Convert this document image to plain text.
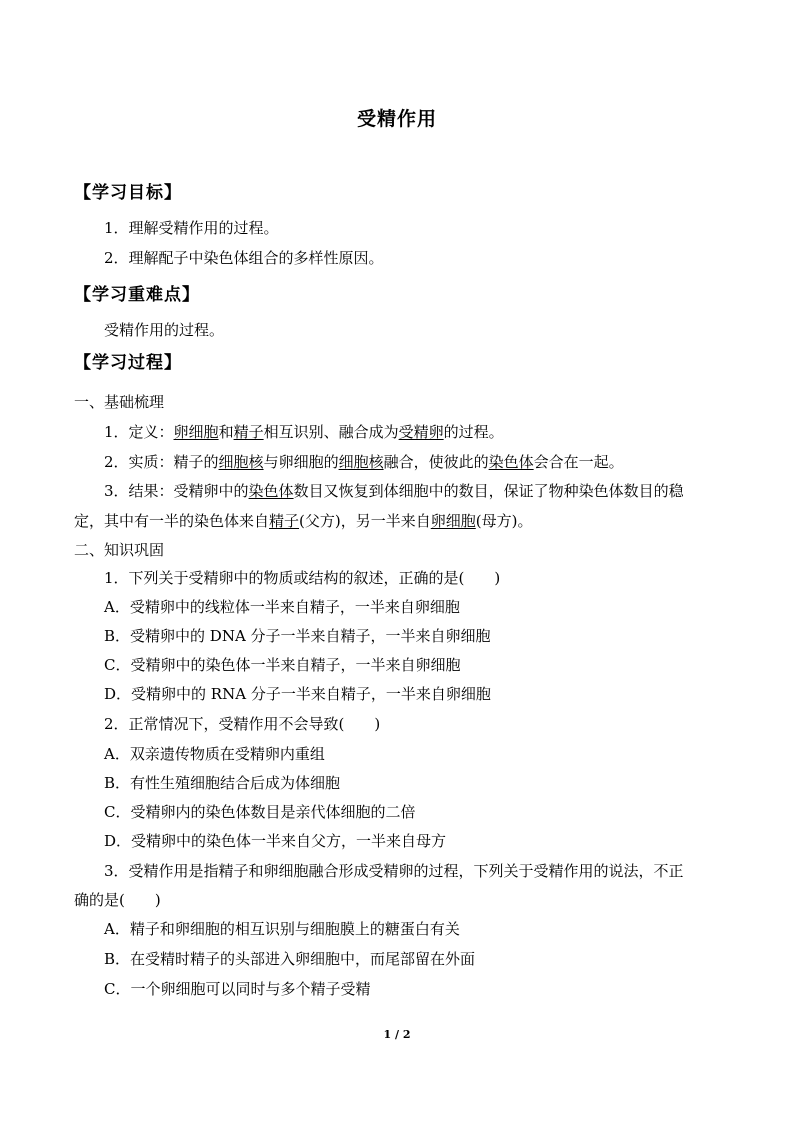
受精作用
【学习目标】
1．理解受精作用的过程。
2．理解配子中染色体组合的多样性原因。
【学习重难点】
受精作用的过程。
【学习过程】
一、基础梳理
1．定义：卵细胞和精子相互识别、融合成为受精卵的过程。
2．实质：精子的细胞核与卵细胞的细胞核融合，使彼此的染色体会合在一起。
3．结果：受精卵中的染色体数目又恢复到体细胞中的数目，保证了物种染色体数目的稳
定，其中有一半的染色体来自精子(父方)，另一半来自卵细胞(母方)。
二、知识巩固
1．下列关于受精卵中的物质或结构的叙述，正确的是(　　)
A．受精卵中的线粒体一半来自精子，一半来自卵细胞
B．受精卵中的 DNA 分子一半来自精子，一半来自卵细胞
C．受精卵中的染色体一半来自精子，一半来自卵细胞
D．受精卵中的 RNA 分子一半来自精子，一半来自卵细胞
2．正常情况下，受精作用不会导致(　　)
A．双亲遗传物质在受精卵内重组
B．有性生殖细胞结合后成为体细胞
C．受精卵内的染色体数目是亲代体细胞的二倍
D．受精卵中的染色体一半来自父方，一半来自母方
3．受精作用是指精子和卵细胞融合形成受精卵的过程，下列关于受精作用的说法，不正
确的是(　　)
A．精子和卵细胞的相互识别与细胞膜上的糖蛋白有关
B．在受精时精子的头部进入卵细胞中，而尾部留在外面
C．一个卵细胞可以同时与多个精子受精
1 / 2
